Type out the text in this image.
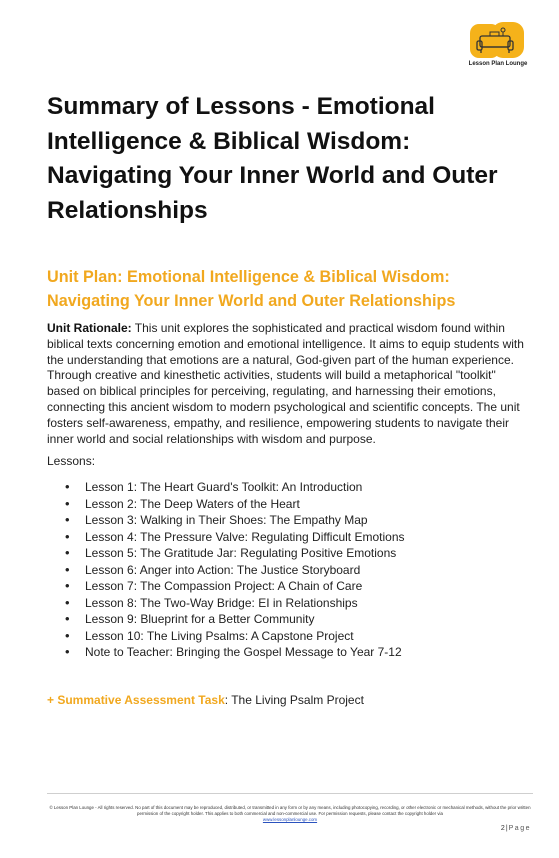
Lesson Plan Lounge
Summary of Lessons - Emotional Intelligence & Biblical Wisdom: Navigating Your Inner World and Outer Relationships
Unit Plan: Emotional Intelligence & Biblical Wisdom: Navigating Your Inner World and Outer Relationships

Unit Rationale: This unit explores the sophisticated and practical wisdom found within biblical texts concerning emotion and emotional intelligence. It aims to equip students with the understanding that emotions are a natural, God-given part of the human experience. Through creative and kinesthetic activities, students will build a metaphorical "toolkit" based on biblical principles for perceiving, regulating, and harnessing their emotions, connecting this ancient wisdom to modern psychological and scientific concepts. The unit fosters self-awareness, empathy, and resilience, empowering students to navigate their inner world and social relationships with wisdom and purpose.

Lessons:

• Lesson 1: The Heart Guard's Toolkit: An Introduction
• Lesson 2: The Deep Waters of the Heart
• Lesson 3: Walking in Their Shoes: The Empathy Map
• Lesson 4: The Pressure Valve: Regulating Difficult Emotions
• Lesson 5: The Gratitude Jar: Regulating Positive Emotions
• Lesson 6: Anger into Action: The Justice Storyboard
• Lesson 7: The Compassion Project: A Chain of Care
• Lesson 8: The Two-Way Bridge: EI in Relationships
• Lesson 9: Blueprint for a Better Community
• Lesson 10: The Living Psalms: A Capstone Project
• Note to Teacher: Bringing the Gospel Message to Year 7-12

+ Summative Assessment Task: The Living Psalm Project

© Lesson Plan Lounge - All rights reserved. No part of this document may be reproduced, distributed, or transmitted in any form or by any means, including photocopying, recording, or other electronic or mechanical methods, without the prior written permission of the copyright holder. This applies to both commercial and non-commercial use. For permission requests, please contact the copyright holder via
www.lessonplanlounge.com
2|Page
